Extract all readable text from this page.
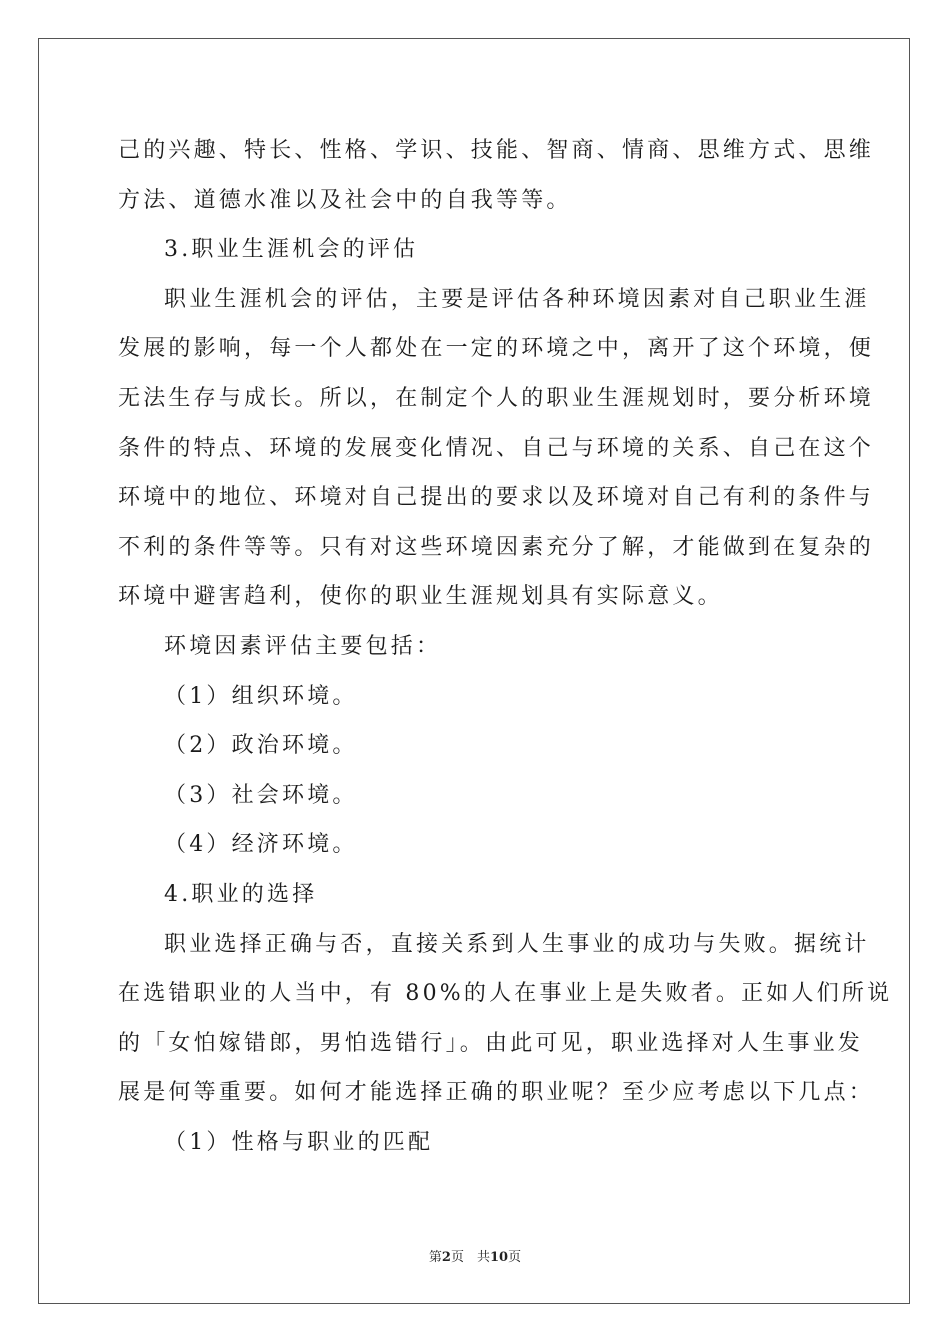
己的兴趣、特长、性格、学识、技能、智商、情商、思维方式、思维
方法、道德水准以及社会中的自我等等。
3.职业生涯机会的评估
职业生涯机会的评估，主要是评估各种环境因素对自己职业生涯
发展的影响，每一个人都处在一定的环境之中，离开了这个环境，便
无法生存与成长。所以，在制定个人的职业生涯规划时，要分析环境
条件的特点、环境的发展变化情况、自己与环境的关系、自己在这个
环境中的地位、环境对自己提出的要求以及环境对自己有利的条件与
不利的条件等等。只有对这些环境因素充分了解，才能做到在复杂的
环境中避害趋利，使你的职业生涯规划具有实际意义。
环境因素评估主要包括：
（1）组织环境。
（2）政治环境。
（3）社会环境。
（4）经济环境。
4.职业的选择
职业选择正确与否，直接关系到人生事业的成功与失败。据统计
在选错职业的人当中，有 80%的人在事业上是失败者。正如人们所说
的「女怕嫁错郎，男怕选错行」。由此可见，职业选择对人生事业发
展是何等重要。如何才能选择正确的职业呢？至少应考虑以下几点：
（1）性格与职业的匹配
第2页　共10页
